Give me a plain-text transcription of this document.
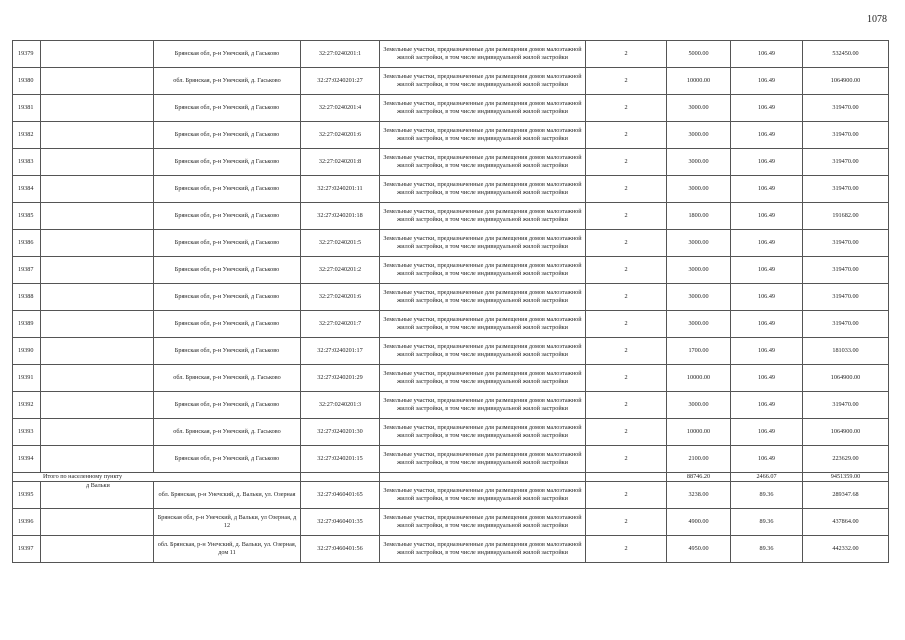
1078
19379		Брянская обл, р-н Унечский, д Гаськово	32:27:0240201:1	Земельные участки, предназначенные для размещения домов малоэтажной жилой застройки, в том числе индивидуальной жилой застройки	2	5000.00	106.49	532450.00
19380		обл. Брянская, р-н Унечский, д. Гаськово	32:27:0240201:27	Земельные участки, предназначенные для размещения домов малоэтажной жилой застройки, в том числе индивидуальной жилой застройки	2	10000.00	106.49	1064900.00
19381		Брянская обл, р-н Унечский, д Гаськово	32:27:0240201:4	Земельные участки, предназначенные для размещения домов малоэтажной жилой застройки, в том числе индивидуальной жилой застройки	2	3000.00	106.49	319470.00
19382		Брянская обл, р-н Унечский, д Гаськово	32:27:0240201:6	Земельные участки, предназначенные для размещения домов малоэтажной жилой застройки, в том числе индивидуальной жилой застройки	2	3000.00	106.49	319470.00
19383		Брянская обл, р-н Унечский, д Гаськово	32:27:0240201:8	Земельные участки, предназначенные для размещения домов малоэтажной жилой застройки, в том числе индивидуальной жилой застройки	2	3000.00	106.49	319470.00
19384		Брянская обл, р-н Унечский, д Гаськово	32:27:0240201:11	Земельные участки, предназначенные для размещения домов малоэтажной жилой застройки, в том числе индивидуальной жилой застройки	2	3000.00	106.49	319470.00
19385		Брянская обл, р-н Унечский, д Гаськово	32:27:0240201:18	Земельные участки, предназначенные для размещения домов малоэтажной жилой застройки, в том числе индивидуальной жилой застройки	2	1800.00	106.49	191682.00
19386		Брянская обл, р-н Унечский, д Гаськово	32:27:0240201:5	Земельные участки, предназначенные для размещения домов малоэтажной жилой застройки, в том числе индивидуальной жилой застройки	2	3000.00	106.49	319470.00
19387		Брянская обл, р-н Унечский, д Гаськово	32:27:0240201:2	Земельные участки, предназначенные для размещения домов малоэтажной жилой застройки, в том числе индивидуальной жилой застройки	2	3000.00	106.49	319470.00
19388		Брянская обл, р-н Унечский, д Гаськово	32:27:0240201:6	Земельные участки, предназначенные для размещения домов малоэтажной жилой застройки, в том числе индивидуальной жилой застройки	2	3000.00	106.49	319470.00
19389		Брянская обл, р-н Унечский, д Гаськово	32:27:0240201:7	Земельные участки, предназначенные для размещения домов малоэтажной жилой застройки, в том числе индивидуальной жилой застройки	2	3000.00	106.49	319470.00
19390		Брянская обл, р-н Унечский, д Гаськово	32:27:0240201:17	Земельные участки, предназначенные для размещения домов малоэтажной жилой застройки, в том числе индивидуальной жилой застройки	2	1700.00	106.49	181033.00
19391		обл. Брянская, р-н Унечский, д. Гаськово	32:27:0240201:29	Земельные участки, предназначенные для размещения домов малоэтажной жилой застройки, в том числе индивидуальной жилой застройки	2	10000.00	106.49	1064900.00
19392		Брянская обл, р-н Унечский, д Гаськово	32:27:0240201:3	Земельные участки, предназначенные для размещения домов малоэтажной жилой застройки, в том числе индивидуальной жилой застройки	2	3000.00	106.49	319470.00
19393		обл. Брянская, р-н Унечский, д. Гаськово	32:27:0240201:30	Земельные участки, предназначенные для размещения домов малоэтажной жилой застройки, в том числе индивидуальной жилой застройки	2	10000.00	106.49	1064900.00
19394		Брянская обл, р-н Унечский, д Гаськово	32:27:0240201:15	Земельные участки, предназначенные для размещения домов малоэтажной жилой застройки, в том числе индивидуальной жилой застройки	2	2100.00	106.49	223629.00
Итого по населенному пункту						88746.20	2466.07	9451359.00
19395	д Вальки	обл. Брянская, р-н Унечский, д. Вальки, ул. Озерная	32:27:0460401:65	Земельные участки, предназначенные для размещения домов малоэтажной жилой застройки, в том числе индивидуальной жилой застройки	2	3238.00	89.36	289347.68
19396		Брянская обл, р-н Унечский, д Вальки, ул Озерная, д 12	32:27:0460401:35	Земельные участки, предназначенные для размещения домов малоэтажной жилой застройки, в том числе индивидуальной жилой застройки	2	4900.00	89.36	437864.00
19397		обл. Брянская, р-н Унечский, д. Вальки, ул. Озерная, дом 11	32:27:0460401:56	Земельные участки, предназначенные для размещения домов малоэтажной жилой застройки, в том числе индивидуальной жилой застройки	2	4950.00	89.36	442332.00
